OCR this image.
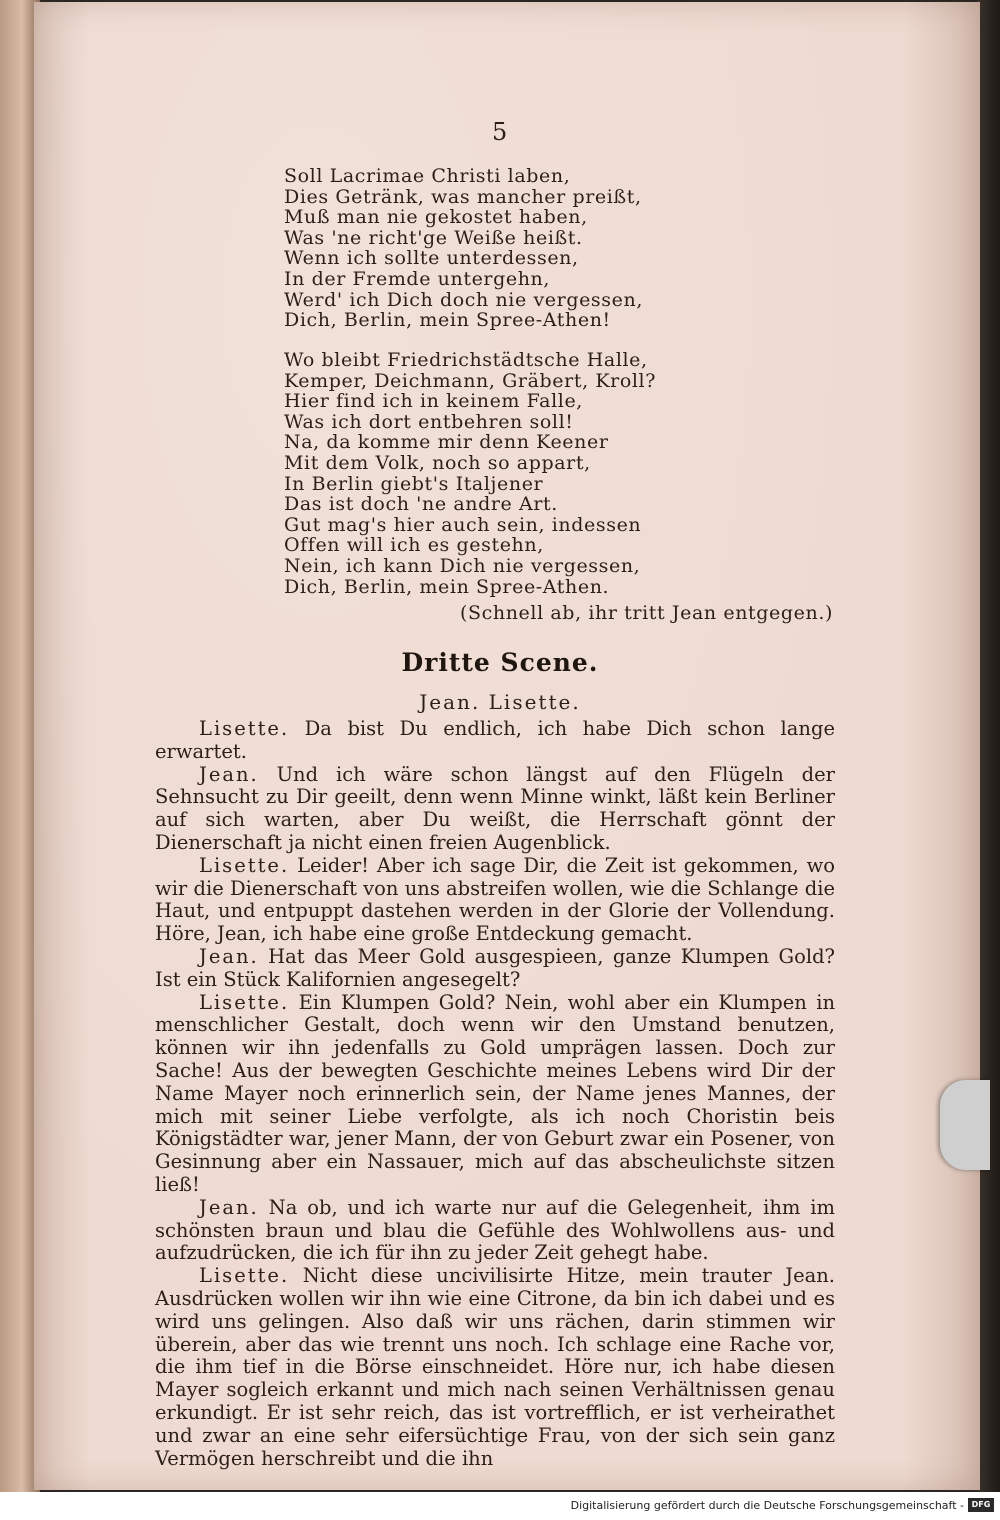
5
Soll Lacrimae Christi laben,
Dies Getränk, was mancher preißt,
Muß man nie gekostet haben,
Was 'ne richt'ge Weiße heißt.
Wenn ich sollte unterdessen,
In der Fremde untergehn,
Werd' ich Dich doch nie vergessen,
Dich, Berlin, mein Spree-Athen!
Wo bleibt Friedrichstädtsche Halle,
Kemper, Deichmann, Gräbert, Kroll?
Hier find ich in keinem Falle,
Was ich dort entbehren soll!
Na, da komme mir denn Keener
Mit dem Volk, noch so appart,
In Berlin giebt's Italjener
Das ist doch 'ne andre Art.
Gut mag's hier auch sein, indessen
Offen will ich es gestehn,
Nein, ich kann Dich nie vergessen,
Dich, Berlin, mein Spree-Athen.
(Schnell ab, ihr tritt Jean entgegen.)
Dritte Scene.
Jean. Lisette.

Lisette. Da bist Du endlich, ich habe Dich schon lange erwartet.

Jean. Und ich wäre schon längst auf den Flügeln der Sehnsucht zu Dir geeilt, denn wenn Minne winkt, läßt kein Berliner auf sich warten, aber Du weißt, die Herrschaft gönnt der Dienerschaft ja nicht einen freien Augenblick.

Lisette. Leider! Aber ich sage Dir, die Zeit ist gekommen, wo wir die Dienerschaft von uns abstreifen wollen, wie die Schlange die Haut, und entpuppt dastehen werden in der Glorie der Vollendung. Höre, Jean, ich habe eine große Entdeckung gemacht.

Jean. Hat das Meer Gold ausgespieen, ganze Klumpen Gold? Ist ein Stück Kalifornien angesegelt?

Lisette. Ein Klumpen Gold? Nein, wohl aber ein Klumpen in menschlicher Gestalt, doch wenn wir den Umstand benutzen, können wir ihn jedenfalls zu Gold umprägen lassen. Doch zur Sache! Aus der bewegten Geschichte meines Lebens wird Dir der Name Mayer noch erinnerlich sein, der Name jenes Mannes, der mich mit seiner Liebe verfolgte, als ich noch Choristin beis Königstädter war, jener Mann, der von Geburt zwar ein Posener, von Gesinnung aber ein Nassauer, mich auf das abscheulichste sitzen ließ!

Jean. Na ob, und ich warte nur auf die Gelegenheit, ihm im schönsten braun und blau die Gefühle des Wohlwollens aus- und aufzudrücken, die ich für ihn zu jeder Zeit gehegt habe.

Lisette. Nicht diese uncivilisirte Hitze, mein trauter Jean. Ausdrücken wollen wir ihn wie eine Citrone, da bin ich dabei und es wird uns gelingen. Also daß wir uns rächen, darin stimmen wir überein, aber das wie trennt uns noch. Ich schlage eine Rache vor, die ihm tief in die Börse einschneidet. Höre nur, ich habe diesen Mayer sogleich erkannt und mich nach seinen Verhältnissen genau erkundigt. Er ist sehr reich, das ist vortrefflich, er ist verheirathet und zwar an eine sehr eifersüchtige Frau, von der sich sein ganz Vermögen herschreibt und die ihn

Digitalisierung gefördert durch die Deutsche Forschungsgemeinschaft - DFG
